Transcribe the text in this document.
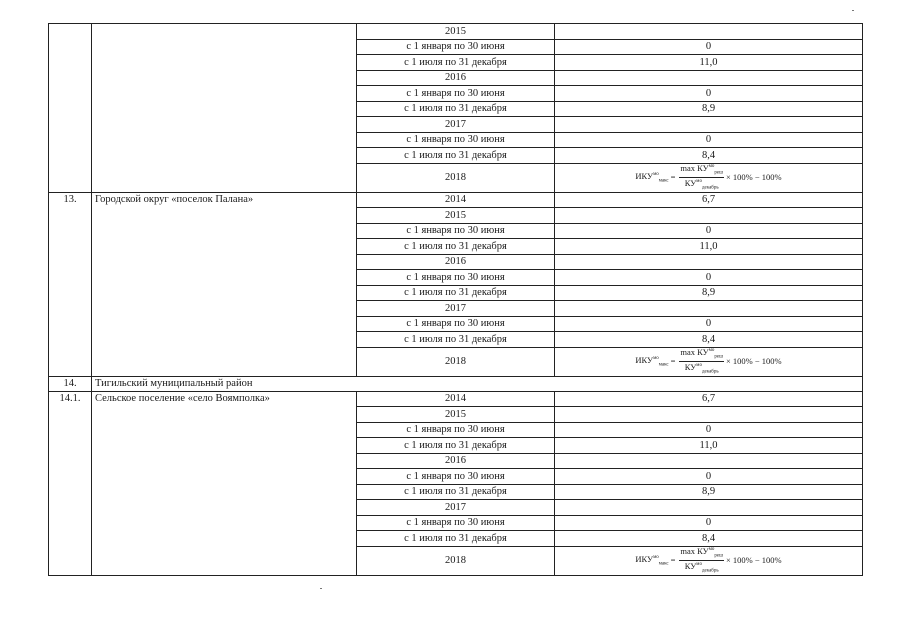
		2015	
		с 1 января по 30 июня	0
		с 1 июля по 31 декабря	11,0
		2016	
		с 1 января по 30 июня	0
		с 1 июля по 31 декабря	8,9
		2017	
		с 1 января по 30 июня	0
		с 1 июля по 31 декабря	8,4
		2018	$ИКУ^{мо}_{макс} = \frac{\max КУ^{мо}_{реш}}{КУ^{мо}_{декабрь}} \times 100\% - 100\%$

13.	Городской округ «поселок Палана»	2014	6,7
		2015	
		с 1 января по 30 июня	0
		с 1 июля по 31 декабря	11,0
		2016	
		с 1 января по 30 июня	0
		с 1 июля по 31 декабря	8,9
		2017	
		с 1 января по 30 июня	0
		с 1 июля по 31 декабря	8,4
		2018	$ИКУ^{мо}_{макс} = \frac{\max КУ^{мо}_{реш}}{КУ^{мо}_{декабрь}} \times 100\% - 100\%$

14.	Тигильский муниципальный район		
14.1.	Сельское поселение «село Воямполка»	2014	6,7
		2015	
		с 1 января по 30 июня	0
		с 1 июля по 31 декабря	11,0
		2016	
		с 1 января по 30 июня	0
		с 1 июля по 31 декабря	8,9
		2017	
		с 1 января по 30 июня	0
		с 1 июля по 31 декабря	8,4
		2018	$ИКУ^{мо}_{макс} = \frac{\max КУ^{мо}_{реш}}{КУ^{мо}_{декабрь}} \times 100\% - 100\%$
